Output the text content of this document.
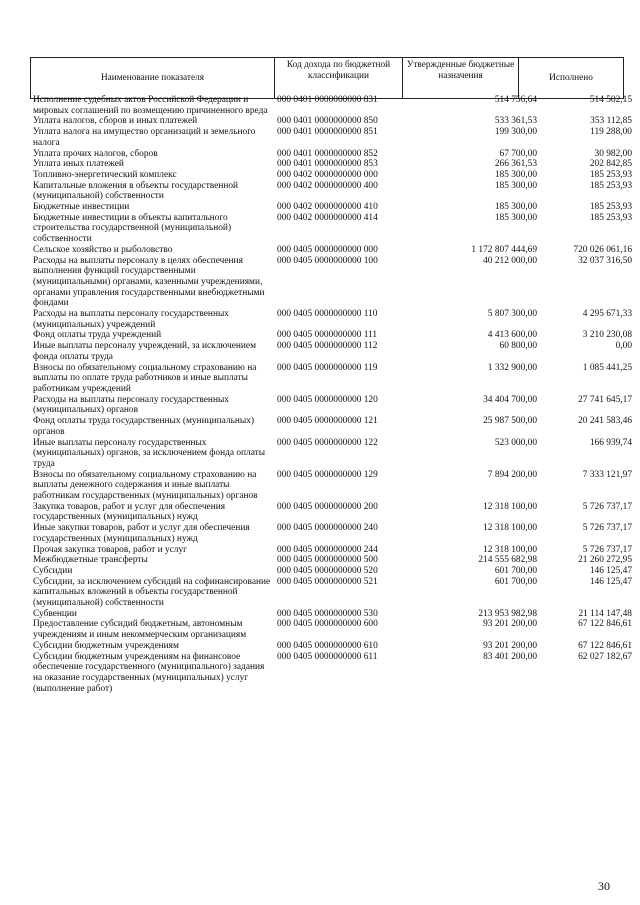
Наименование показателя
Код дохода по бюджетной классификации
Утвержденные бюджетные назначения	Исполнено
Исполнение судебных актов Российской Федерации и мировых соглашений по возмещению причиненного вреда
000 0401 0000000000 831	514 756,64	514 502,15
Уплата налогов, сборов и иных платежей	000 0401 0000000000 850	533 361,53	353 112,85
Уплата налога на имущество организаций и земельного налога
000 0401 0000000000 851	199 300,00	119 288,00
Уплата прочих налогов, сборов	000 0401 0000000000 852	67 700,00	30 982,00
Уплата иных платежей	000 0401 0000000000 853	266 361,53	202 842,85
Топливно-энергетический комплекс	000 0402 0000000000 000	185 300,00	185 253,93
Капитальные вложения в объекты государственной (муниципальной) собственности
000 0402 0000000000 400	185 300,00	185 253,93
Бюджетные инвестиции	000 0402 0000000000 410	185 300,00	185 253,93
Бюджетные инвестиции в объекты капитального строительства государственной (муниципальной) собственности
000 0402 0000000000 414	185 300,00	185 253,93
Сельское хозяйство и рыболовство	000 0405 0000000000 000	1 172 807 444,69	720 026 061,16
Расходы на выплаты персоналу в целях обеспечения выполнения функций государственными (муниципальными) органами, казенными учреждениями, органами управления государственными внебюджетными фондами
000 0405 0000000000 100	40 212 000,00	32 037 316,50
Расходы на выплаты персоналу государственных (муниципальных) учреждений
000 0405 0000000000 110	5 807 300,00	4 295 671,33
Фонд оплаты труда учреждений	000 0405 0000000000 111	4 413 600,00	3 210 230,08
Иные выплаты персоналу учреждений, за исключением фонда оплаты труда
000 0405 0000000000 112	60 800,00	0,00
Взносы по обязательному социальному страхованию на выплаты по оплате труда работников и иные выплаты работникам учреждений
000 0405 0000000000 119	1 332 900,00	1 085 441,25
Расходы на выплаты персоналу государственных (муниципальных) органов
000 0405 0000000000 120	34 404 700,00	27 741 645,17
Фонд оплаты труда государственных (муниципальных) органов
000 0405 0000000000 121	25 987 500,00	20 241 583,46
Иные выплаты персоналу государственных (муниципальных) органов, за исключением фонда оплаты труда
000 0405 0000000000 122	523 000,00	166 939,74
Взносы по обязательному социальному страхованию на выплаты денежного содержания и иные выплаты работникам государственных (муниципальных) органов
000 0405 0000000000 129	7 894 200,00	7 333 121,97
Закупка товаров, работ и услуг для обеспечения государственных (муниципальных) нужд
000 0405 0000000000 200	12 318 100,00	5 726 737,17
Иные закупки товаров, работ и услуг для обеспечения государственных (муниципальных) нужд
000 0405 0000000000 240	12 318 100,00	5 726 737,17
Прочая закупка товаров, работ и услуг	000 0405 0000000000 244	12 318 100,00	5 726 737,17
Межбюджетные трансферты	000 0405 0000000000 500	214 555 682,98	21 260 272,95
Субсидии	000 0405 0000000000 520	601 700,00	146 125,47
Субсидии, за исключением субсидий на софинансирование капитальных вложений в объекты государственной (муниципальной) собственности
000 0405 0000000000 521	601 700,00	146 125,47
Субвенции	000 0405 0000000000 530	213 953 982,98	21 114 147,48
Предоставление субсидий бюджетным, автономным учреждениям и иным некоммерческим организациям
000 0405 0000000000 600	93 201 200,00	67 122 846,61
Субсидии бюджетным учреждениям	000 0405 0000000000 610	93 201 200,00	67 122 846,61
Субсидии бюджетным учреждениям на финансовое обеспечение государственного (муниципального) задания на оказание государственных (муниципальных) услуг (выполнение работ)
000 0405 0000000000 611	83 401 200,00	62 027 182,67
30
